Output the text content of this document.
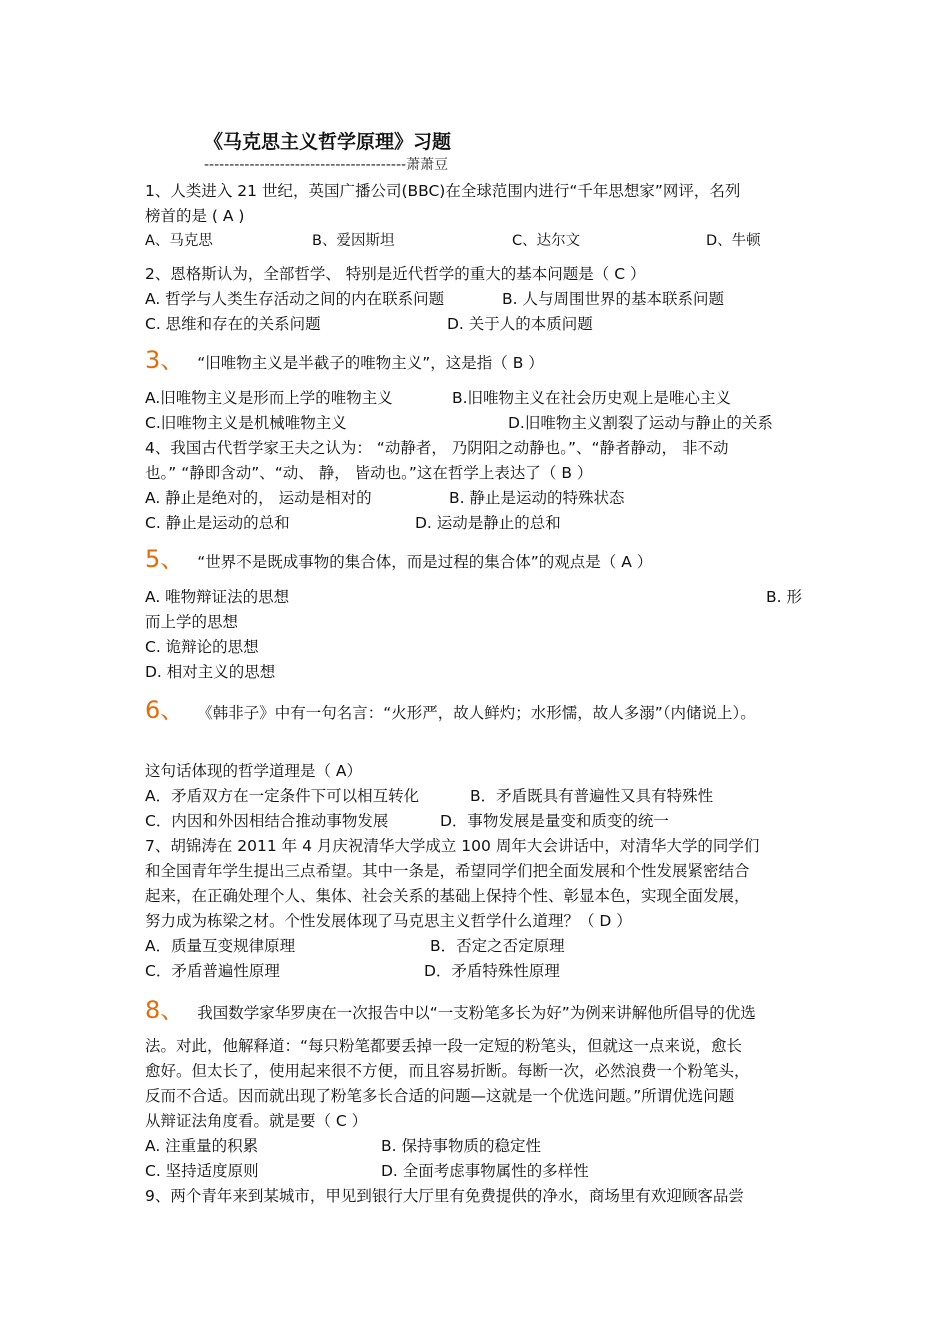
《马克思主义哲学原理》习题
----------------------------------------萧萧豆
1、人类进入 21 世纪，英国广播公司(BBC)在全球范围内进行“千年思想家”网评，名列
榜首的是 ( A )
A、马克思	B、爱因斯坦	C、达尔文	D、牛顿
2、恩格斯认为，全部哲学、 特别是近代哲学的重大的基本问题是（ C ）
A. 哲学与人类生存活动之间的内在联系问题	B. 人与周围世界的基本联系问题
C. 思维和存在的关系问题	D. 关于人的本质问题
3、 “旧唯物主义是半截子的唯物主义”，这是指（ B ）
A.旧唯物主义是形而上学的唯物主义	B.旧唯物主义在社会历史观上是唯心主义
C.旧唯物主义是机械唯物主义	D.旧唯物主义割裂了运动与静止的关系
4、我国古代哲学家王夫之认为： “动静者， 乃阴阳之动静也。”、“静者静动， 非不动
也。” “静即含动”、“动、 静， 皆动也。”这在哲学上表达了（ B ）
A. 静止是绝对的， 运动是相对的	B. 静止是运动的特殊状态
C. 静止是运动的总和	D. 运动是静止的总和
5、 “世界不是既成事物的集合体，而是过程的集合体”的观点是（ A ）
A. 唯物辩证法的思想	B. 形
而上学的思想
C. 诡辩论的思想
D. 相对主义的思想
6、 《韩非子》中有一句名言：“火形严，故人鲜灼；水形懦，故人多溺”（内储说上）。
这句话体现的哲学道理是（ A）
A．矛盾双方在一定条件下可以相互转化	B．矛盾既具有普遍性又具有特殊性
C．内因和外因相结合推动事物发展	D．事物发展是量变和质变的统一
7、胡锦涛在 2011 年 4 月庆祝清华大学成立 100 周年大会讲话中，对清华大学的同学们
和全国青年学生提出三点希望。其中一条是，希望同学们把全面发展和个性发展紧密结合
起来，在正确处理个人、集体、社会关系的基础上保持个性、彰显本色，实现全面发展，
努力成为栋梁之材。个性发展体现了马克思主义哲学什么道理？（ D ）
A．质量互变规律原理	B．否定之否定原理
C．矛盾普遍性原理	D．矛盾特殊性原理
8、 我国数学家华罗庚在一次报告中以“一支粉笔多长为好”为例来讲解他所倡导的优选
法。对此，他解释道：“每只粉笔都要丢掉一段一定短的粉笔头，但就这一点来说，愈长
愈好。但太长了，使用起来很不方便，而且容易折断。每断一次，必然浪费一个粉笔头，
反而不合适。因而就出现了粉笔多长合适的问题—这就是一个优选问题。”所谓优选问题
从辩证法角度看。就是要（ C ）
A. 注重量的积累	B. 保持事物质的稳定性
C. 坚持适度原则	D. 全面考虑事物属性的多样性
9、两个青年来到某城市，甲见到银行大厅里有免费提供的净水，商场里有欢迎顾客品尝
